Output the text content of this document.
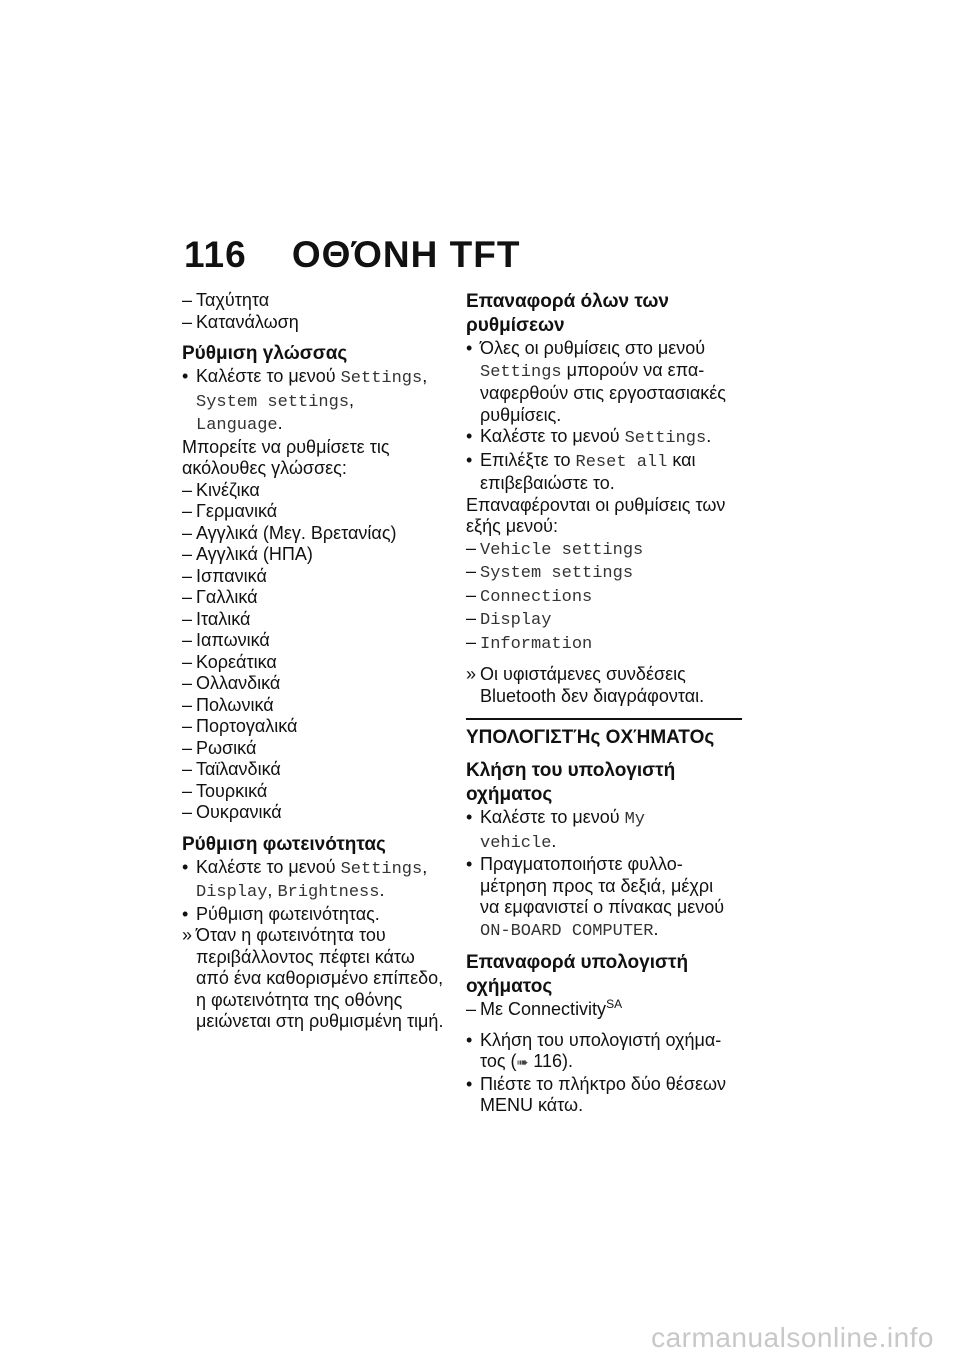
116 ΟΘΌΝΗ TFT
– Ταχύτητα
– Κατανάλωση
Ρύθμιση γλώσσας
• Καλέστε το μενού Settings,
System settings,
Language.
Μπορείτε να ρυθμίσετε τις
ακόλουθες γλώσσες:
– Κινέζικα
– Γερμανικά
– Αγγλικά (Μεγ. Βρετανίας)
– Αγγλικά (ΗΠΑ)
– Ισπανικά
– Γαλλικά
– Ιταλικά
– Ιαπωνικά
– Κορεάτικα
– Ολλανδικά
– Πολωνικά
– Πορτογαλικά
– Ρωσικά
– Ταϊλανδικά
– Τουρκικά
– Ουκρανικά
Ρύθμιση φωτεινότητας
• Καλέστε το μενού Settings,
Display, Brightness.
• Ρύθμιση φωτεινότητας.
» Όταν η φωτεινότητα του
περιβάλλοντος πέφτει κάτω
από ένα καθορισμένο επίπεδο,
η φωτεινότητα της οθόνης
μειώνεται στη ρυθμισμένη τιμή.
Επαναφορά όλων των
ρυθμίσεων
• Όλες οι ρυθμίσεις στο μενού
Settings μπορούν να επα-
ναφερθούν στις εργοστασιακές
ρυθμίσεις.
• Καλέστε το μενού Settings.
• Επιλέξτε το Reset all και
επιβεβαιώστε το.
Επαναφέρονται οι ρυθμίσεις των
εξής μενού:
– Vehicle settings
– System settings
– Connections
– Display
– Information
» Οι υφιστάμενες συνδέσεις
Bluetooth δεν διαγράφονται.
ΥΠΟΛΟΓΙΣΤΉς ΟΧΉΜΑΤΟς
Κλήση του υπολογιστή
οχήματος
• Καλέστε το μενού My
vehicle.
• Πραγματοποιήστε φυλλο-
μέτρηση προς τα δεξιά, μέχρι
να εμφανιστεί ο πίνακας μενού
ON-BOARD COMPUTER.
Επαναφορά υπολογιστή
οχήματος
– Με Connectivity$^{SA}$
• Κλήση του υπολογιστή οχήμα-
τος (➠ 116).
• Πιέστε το πλήκτρο δύο θέσεων
MENU κάτω.
carmanualsonline.info
